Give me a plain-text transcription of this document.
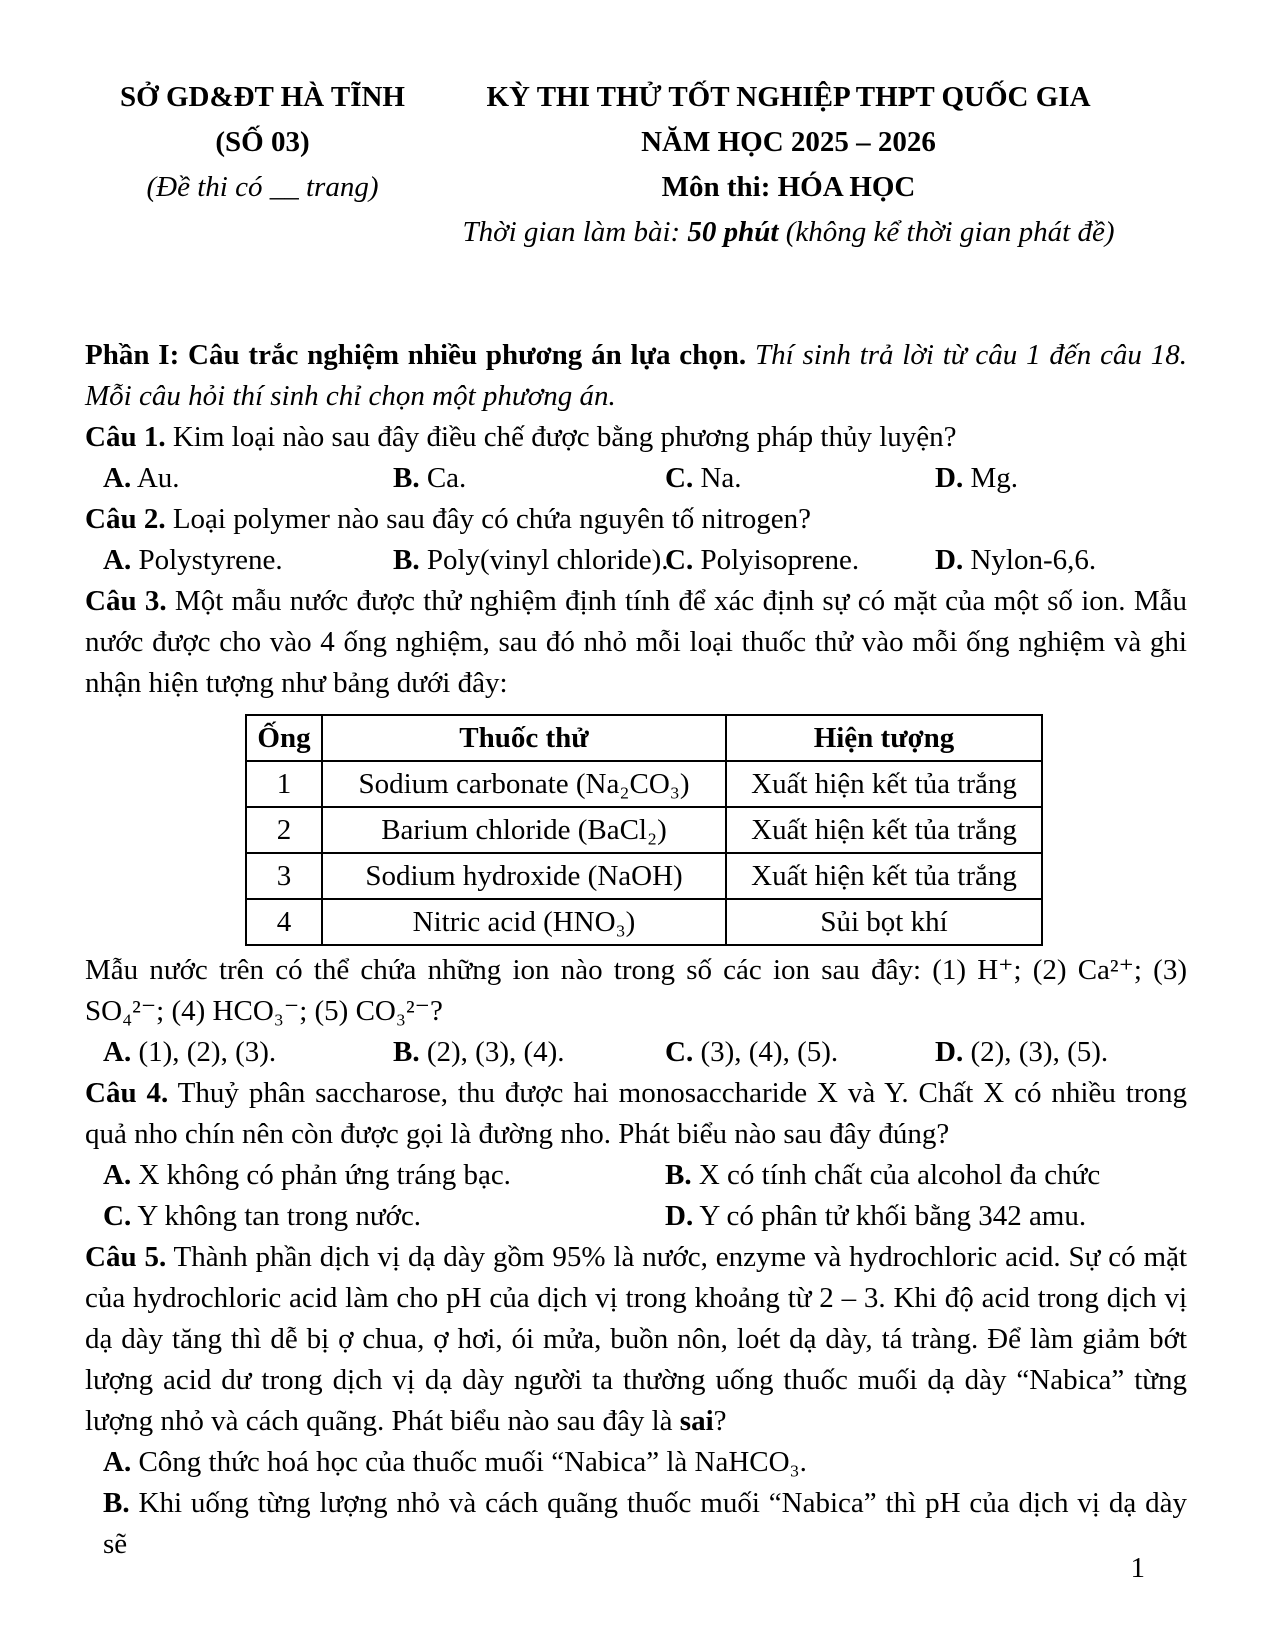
SỞ GD&ĐT HÀ TĨNH
(SỐ 03)
(Đề thi có __ trang)
KỲ THI THỬ TỐT NGHIỆP THPT QUỐC GIA
NĂM HỌC 2025 – 2026
Môn thi: HÓA HỌC
Thời gian làm bài: 50 phút (không kể thời gian phát đề)

Phần I: Câu trắc nghiệm nhiều phương án lựa chọn. Thí sinh trả lời từ câu 1 đến câu 18. Mỗi câu hỏi thí sinh chỉ chọn một phương án.

Câu 1. Kim loại nào sau đây điều chế được bằng phương pháp thủy luyện?

A. Au.	B. Ca.	C. Na.	D. Mg.

Câu 2. Loại polymer nào sau đây có chứa nguyên tố nitrogen?

A. Polystyrene.	B. Poly(vinyl chloride).
C. Polyisoprene.	D. Nylon-6,6.

Câu 3. Một mẫu nước được thử nghiệm định tính để xác định sự có mặt của một số ion. Mẫu nước được cho vào 4 ống nghiệm, sau đó nhỏ mỗi loại thuốc thử vào mỗi ống nghiệm và ghi nhận hiện tượng như bảng dưới đây:

Ống	Thuốc thử	Hiện tượng
1	Sodium carbonate (Na₂CO₃)	Xuất hiện kết tủa trắng
2	Barium chloride (BaCl₂)	Xuất hiện kết tủa trắng
3	Sodium hydroxide (NaOH)	Xuất hiện kết tủa trắng
4	Nitric acid (HNO₃)	Sủi bọt khí

Mẫu nước trên có thể chứa những ion nào trong số các ion sau đây: (1) H⁺; (2) Ca²⁺; (3) SO₄²⁻; (4) HCO₃⁻; (5) CO₃²⁻?

A. (1), (2), (3).	B. (2), (3), (4).	C. (3), (4), (5).	D. (2), (3), (5).

Câu 4. Thuỷ phân saccharose, thu được hai monosaccharide X và Y. Chất X có nhiều trong quả nho chín nên còn được gọi là đường nho. Phát biểu nào sau đây đúng?

A. X không có phản ứng tráng bạc.	B. X có tính chất của alcohol đa chức
C. Y không tan trong nước.	D. Y có phân tử khối bằng 342 amu.

Câu 5. Thành phần dịch vị dạ dày gồm 95% là nước, enzyme và hydrochloric acid. Sự có mặt của hydrochloric acid làm cho pH của dịch vị trong khoảng từ 2 – 3. Khi độ acid trong dịch vị dạ dày tăng thì dễ bị ợ chua, ợ hơi, ói mửa, buồn nôn, loét dạ dày, tá tràng. Để làm giảm bớt lượng acid dư trong dịch vị dạ dày người ta thường uống thuốc muối dạ dày “Nabica” từng lượng nhỏ và cách quãng. Phát biểu nào sau đây là sai?

A. Công thức hoá học của thuốc muối “Nabica” là NaHCO₃.

B. Khi uống từng lượng nhỏ và cách quãng thuốc muối “Nabica” thì pH của dịch vị dạ dày sẽ

1
